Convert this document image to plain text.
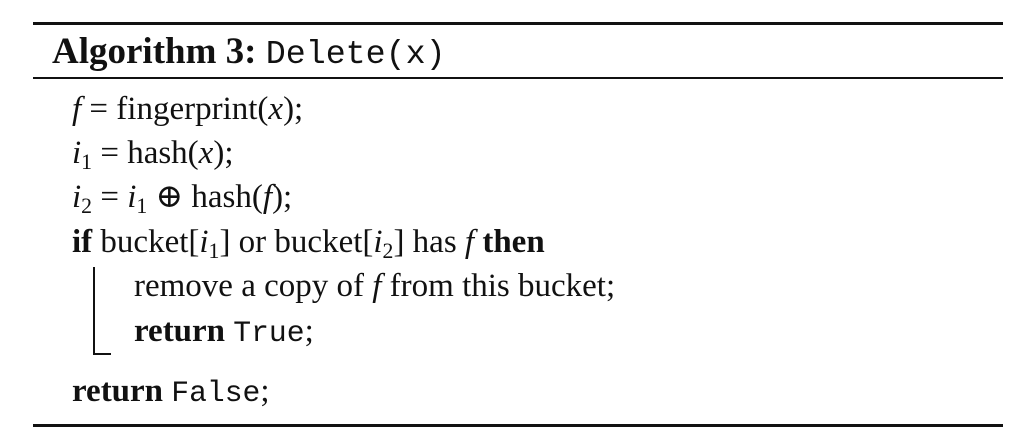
Algorithm 3: Delete(x)
f = fingerprint(x);
$i_1$ = hash(x);
$i_2 = i_1$ ⊕ hash(f);
if $bucket[i_1]$ or $bucket[i_2]$ has f then
remove a copy of f from this bucket;
return True;
return False;
